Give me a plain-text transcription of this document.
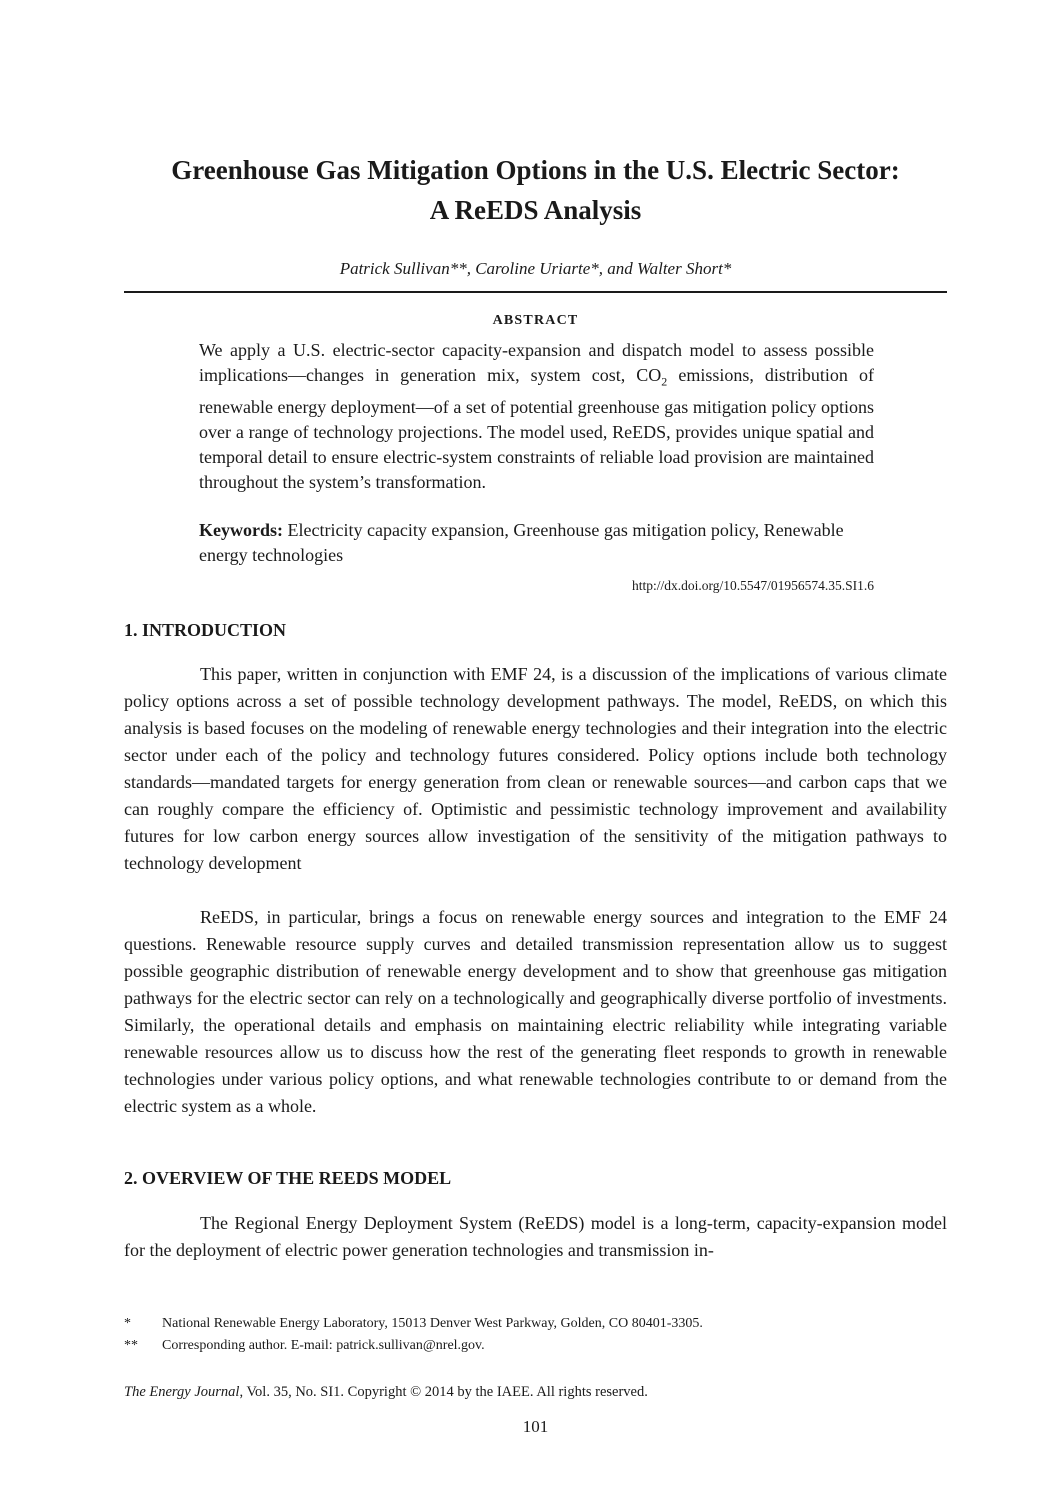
Greenhouse Gas Mitigation Options in the U.S. Electric Sector:
A ReEDS Analysis
Patrick Sullivan**, Caroline Uriarte*, and Walter Short*
ABSTRACT

We apply a U.S. electric-sector capacity-expansion and dispatch model to assess possible implications—changes in generation mix, system cost, $CO_2$ emissions, distribution of renewable energy deployment—of a set of potential greenhouse gas mitigation policy options over a range of technology projections. The model used, ReEDS, provides unique spatial and temporal detail to ensure electric-system constraints of reliable load provision are maintained throughout the system’s transformation.

Keywords: Electricity capacity expansion, Greenhouse gas mitigation policy, Renewable energy technologies

http://dx.doi.org/10.5547/01956574.35.SI1.6
1. INTRODUCTION

This paper, written in conjunction with EMF 24, is a discussion of the implications of various climate policy options across a set of possible technology development pathways. The model, ReEDS, on which this analysis is based focuses on the modeling of renewable energy technologies and their integration into the electric sector under each of the policy and technology futures considered. Policy options include both technology standards—mandated targets for energy generation from clean or renewable sources—and carbon caps that we can roughly compare the efficiency of. Optimistic and pessimistic technology improvement and availability futures for low carbon energy sources allow investigation of the sensitivity of the mitigation pathways to technology development

ReEDS, in particular, brings a focus on renewable energy sources and integration to the EMF 24 questions. Renewable resource supply curves and detailed transmission representation allow us to suggest possible geographic distribution of renewable energy development and to show that greenhouse gas mitigation pathways for the electric sector can rely on a technologically and geographically diverse portfolio of investments. Similarly, the operational details and emphasis on maintaining electric reliability while integrating variable renewable resources allow us to discuss how the rest of the generating fleet responds to growth in renewable technologies under various policy options, and what renewable technologies contribute to or demand from the electric system as a whole.

2. OVERVIEW OF THE REEDS MODEL

The Regional Energy Deployment System (ReEDS) model is a long-term, capacity-expansion model for the deployment of electric power generation technologies and transmission in-

*	National Renewable Energy Laboratory, 15013 Denver West Parkway, Golden, CO 80401-3305.
**	Corresponding author. E-mail: patrick.sullivan@nrel.gov.
The Energy Journal, Vol. 35, No. SI1. Copyright © 2014 by the IAEE. All rights reserved.
101
